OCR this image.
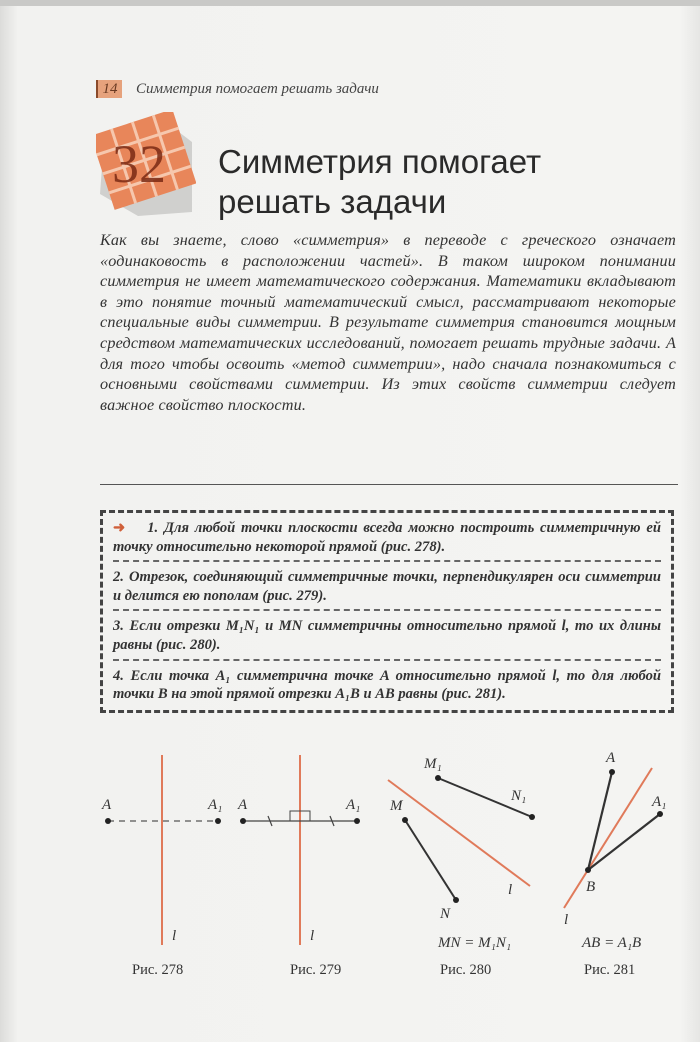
14	Симметрия помогает решать задачи
32 Симметрия помогает
решать задачи
Как вы знаете, слово «симметрия» в переводе с греческого означает «одинаковость в расположении частей». В таком широком понимании симметрия не имеет математического содержания. Математики вкладывают в это понятие точный математический смысл, рассматривают некоторые специальные виды симметрии. В результате симметрия становится мощным средством математических исследований, помогает решать трудные задачи. А для того чтобы освоить «метод симметрии», надо сначала познакомиться с основными свойствами симметрии. Из этих свойств симметрии следует важное свойство плоскости.
➜ 1. Для любой точки плоскости всегда можно построить симметричную ей точку относительно некоторой прямой (рис. 278).
2. Отрезок, соединяющий симметричные точки, перпендикулярен оси симметрии и делится ею пополам (рис. 279).
3. Если отрезки M₁N₁ и MN симметричны относительно прямой l, то их длины равны (рис. 280).
4. Если точка A₁ симметрична точке A относительно прямой l, то для любой точки B на этой прямой отрезки A₁B и AB равны (рис. 281).
A	A₁
l
A	A₁
l
M₁
N₁
M
N
l
MN = M₁N₁
A
A₁
B
l
AB = A₁B
Рис. 278	Рис. 279	Рис. 280	Рис. 281
